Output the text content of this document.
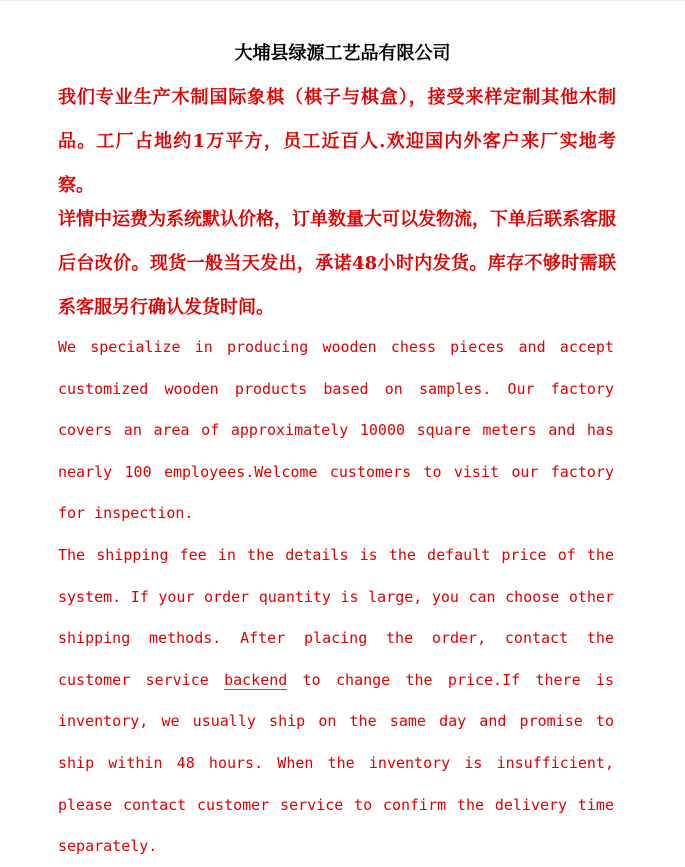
大埔县绿源工艺品有限公司
我们专业生产木制国际象棋（棋子与棋盒），接受来样定制其他木制品。工厂占地约1万平方，员工近百人.欢迎国内外客户来厂实地考察。
详情中运费为系统默认价格，订单数量大可以发物流，下单后联系客服后台改价。现货一般当天发出，承诺48小时内发货。库存不够时需联系客服另行确认发货时间。
We specialize in producing wooden chess pieces and accept customized wooden products based on samples. Our factory covers an area of approximately 10000 square meters and has nearly 100 employees.Welcome customers to visit our factory for inspection.
The shipping fee in the details is the default price of the system. If your order quantity is large, you can choose other shipping methods. After placing the order, contact the customer service backend to change the price.If there is inventory, we usually ship on the same day and promise to ship within 48 hours. When the inventory is insufficient, please contact customer service to confirm the delivery time separately.
